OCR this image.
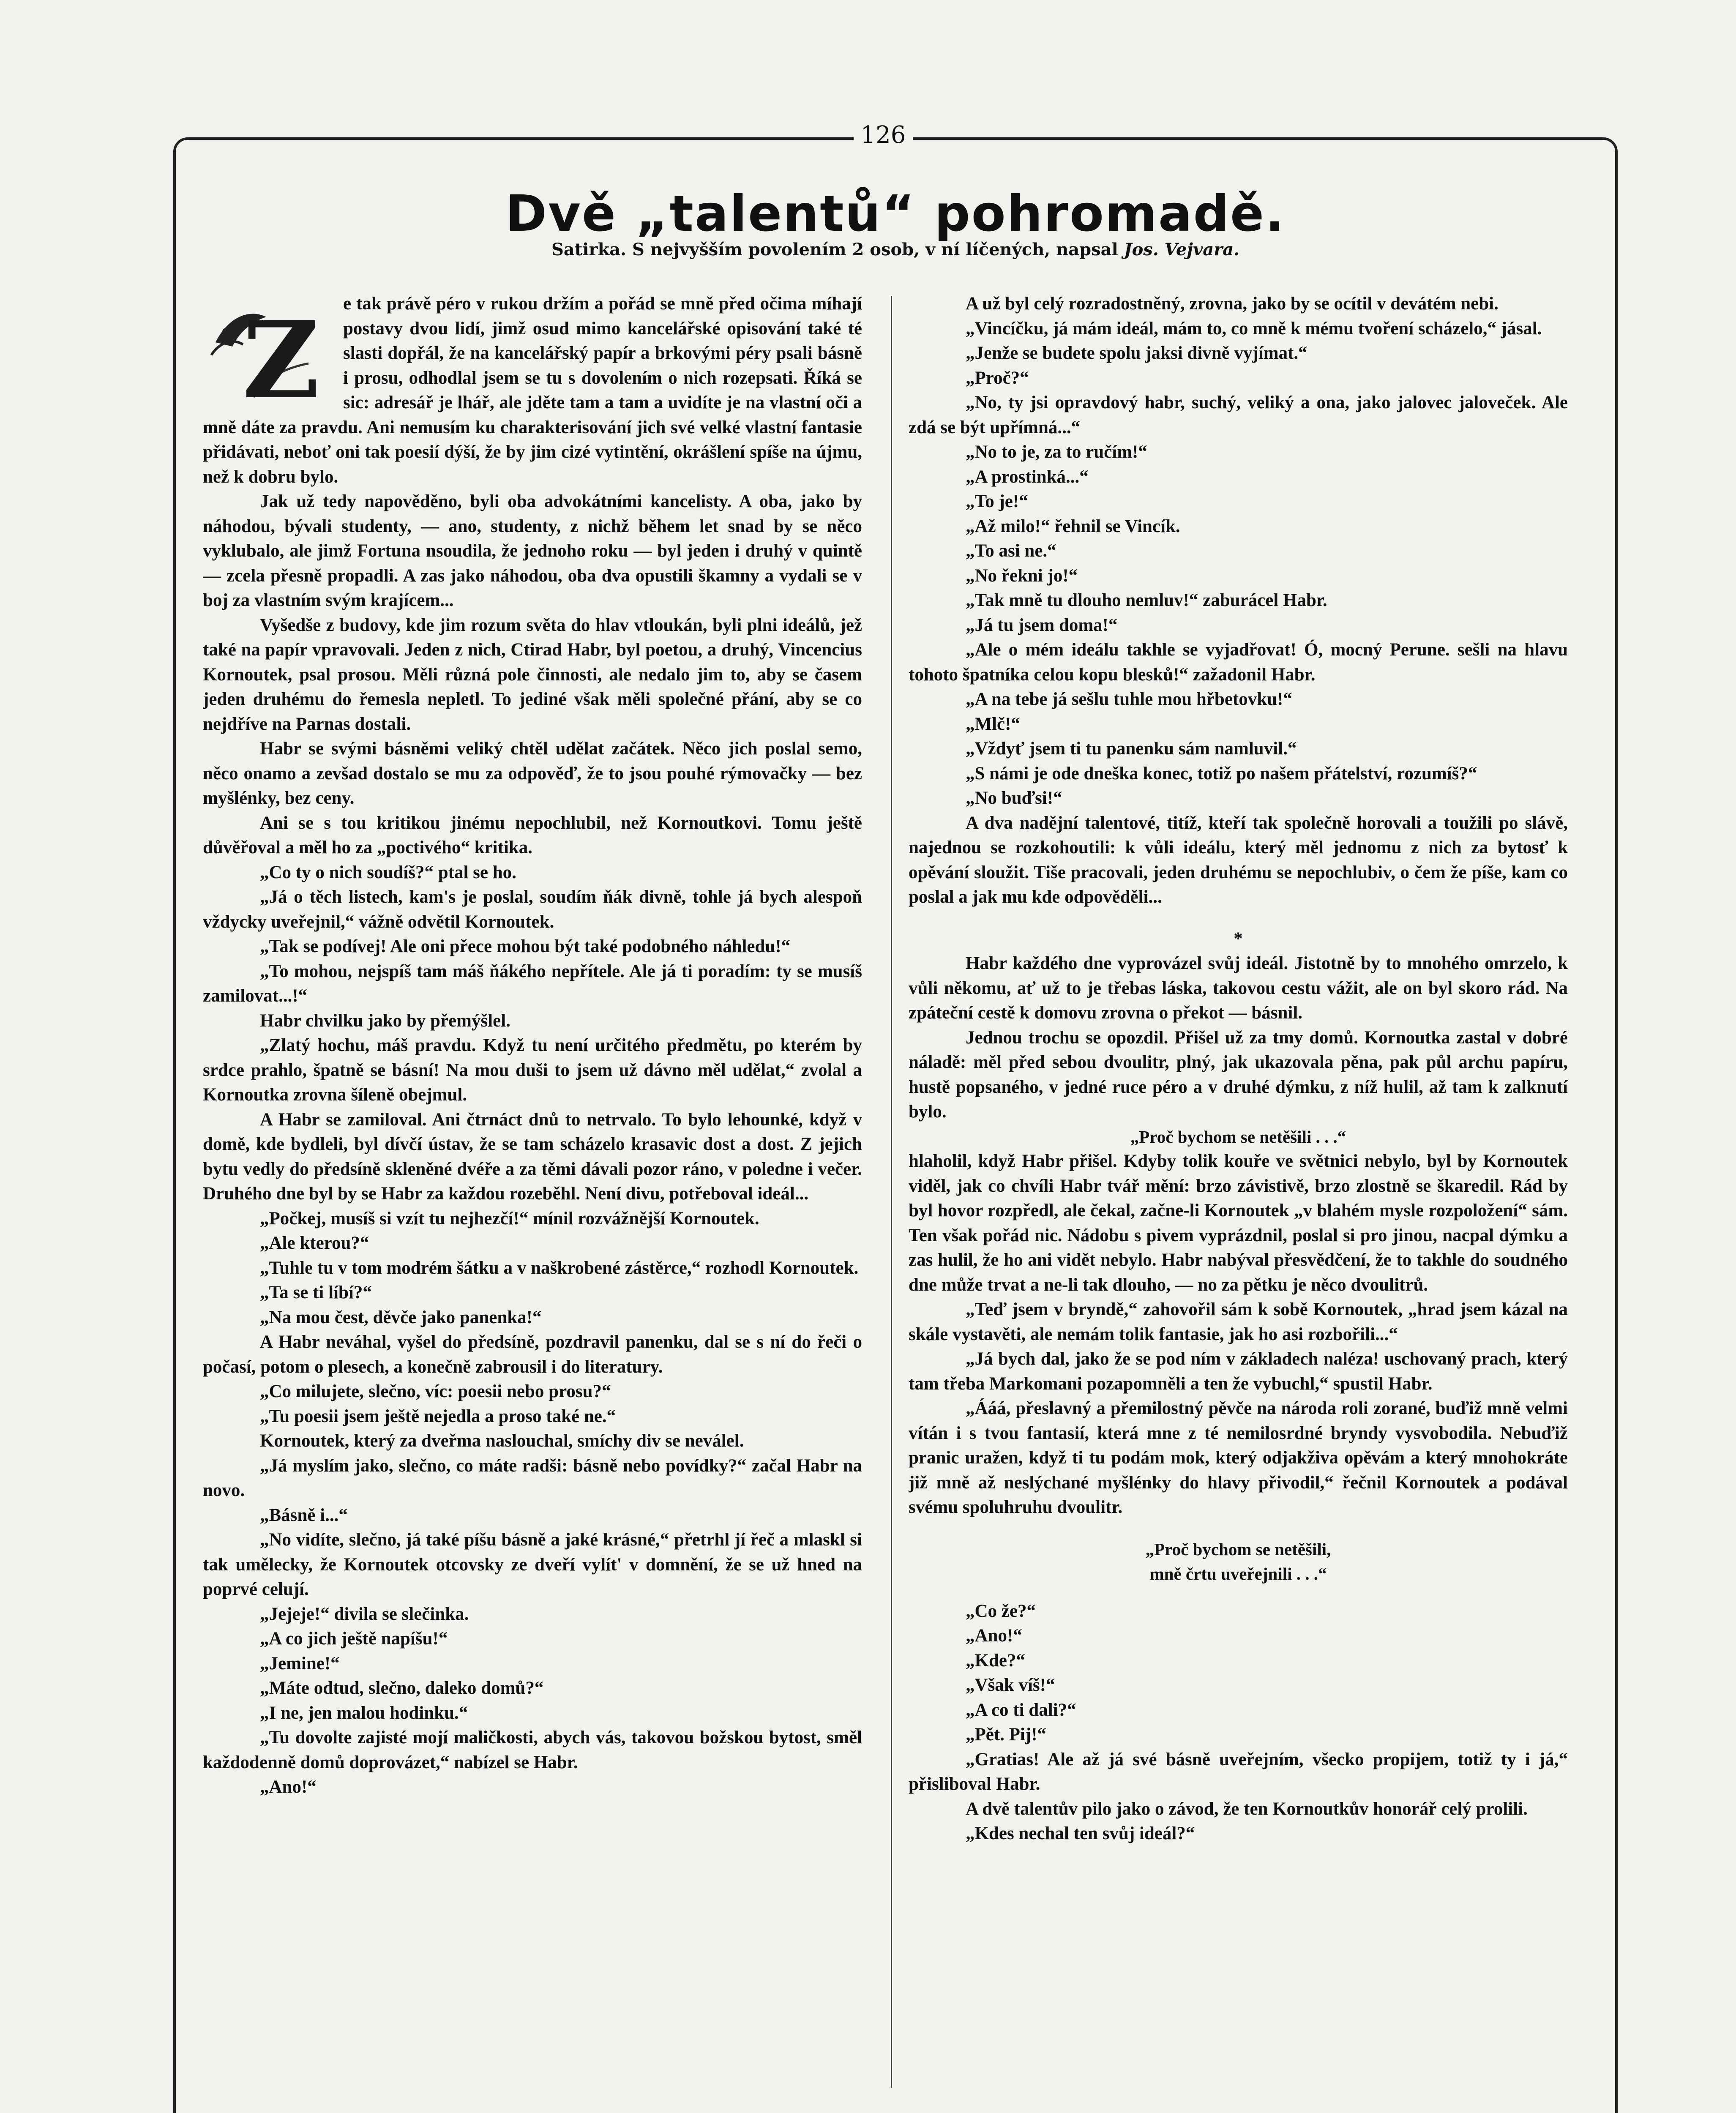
126
Dvě „talentů“ pohromadě.
Satirka. S nejvyšším povolením 2 osob, v ní líčených, napsal Jos. Vejvara.
Z	e tak právě péro v rukou držím a pořád se mně před očima míhají postavy dvou lidí, jimž osud mimo kancelářské opisování také té slasti dopřál, že na kancelářský papír a brkovými péry psali básně i prosu, odhodlal jsem se tu s dovolením o nich rozepsati. Říká se sic: adresář je lhář, ale jděte tam a tam a uvidíte je na vlastní oči a mně dáte za pravdu. Ani nemusím ku charakterisování jich své velké vlastní fantasie přidávati, neboť oni tak poesií dýší, že by jim cizé vytintění, okrášlení spíše na újmu, než k dobru bylo.

Jak už tedy napověděno, byli oba advokátními kancelisty. A oba, jako by náhodou, bývali studenty, — ano, studenty, z nichž během let snad by se něco vyklubalo, ale jimž Fortuna nsoudila, že jednoho roku — byl jeden i druhý v quintě — zcela přesně propadli. A zas jako náhodou, oba dva opustili škamny a vydali se v boj za vlastním svým krajícem...

Vyšedše z budovy, kde jim rozum světa do hlav vtloukán, byli plni ideálů, jež také na papír vpravovali. Jeden z nich, Ctirad Habr, byl poetou, a druhý, Vincencius Kornoutek, psal prosou. Měli různá pole činnosti, ale nedalo jim to, aby se časem jeden druhému do řemesla nepletl. To jediné však měli společné přání, aby se co nejdříve na Parnas dostali.

Habr se svými básněmi veliký chtěl udělat začátek. Něco jich poslal semo, něco onamo a zevšad dostalo se mu za odpověď, že to jsou pouhé rýmovačky — bez myšlénky, bez ceny.

Ani se s tou kritikou jinému nepochlubil, než Kornoutkovi. Tomu ještě důvěřoval a měl ho za „poctivého“ kritika.

„Co ty o nich soudíš?“ ptal se ho.

„Já o těch listech, kam's je poslal, soudím ňák divně, tohle já bych alespoň vždycky uveřejnil,“ vážně odvětil Kornoutek.

„Tak se podívej! Ale oni přece mohou být také podobného náhledu!“

„To mohou, nejspíš tam máš ňákého nepřítele. Ale já ti poradím: ty se musíš zamilovat...!“

Habr chvilku jako by přemýšlel.

„Zlatý hochu, máš pravdu. Když tu není určitého předmětu, po kterém by srdce prahlo, špatně se básní! Na mou duši to jsem už dávno měl udělat,“ zvolal a Kornoutka zrovna šíleně obejmul.

A Habr se zamiloval. Ani čtrnáct dnů to netrvalo. To bylo lehounké, když v domě, kde bydleli, byl dívčí ústav, že se tam scházelo krasavic dost a dost. Z jejich bytu vedly do předsíně skleněné dvéře a za těmi dávali pozor ráno, v poledne i večer. Druhého dne byl by se Habr za každou rozeběhl. Není divu, potřeboval ideál...

„Počkej, musíš si vzít tu nejhezčí!“ mínil rozvážnější Kornoutek.

„Ale kterou?“

„Tuhle tu v tom modrém šátku a v naškrobené zástěrce,“ rozhodl Kornoutek.

„Ta se ti líbí?“

„Na mou čest, děvče jako panenka!“

A Habr neváhal, vyšel do předsíně, pozdravil panenku, dal se s ní do řeči o počasí, potom o plesech, a konečně zabrousil i do literatury.

„Co milujete, slečno, víc: poesii nebo prosu?“

„Tu poesii jsem ještě nejedla a proso také ne.“

Kornoutek, který za dveřma naslouchal, smíchy div se neválel.

„Já myslím jako, slečno, co máte radši: básně nebo povídky?“ začal Habr na novo.

„Básně i...“

„No vidíte, slečno, já také píšu básně a jaké krásné,“ přetrhl jí řeč a mlaskl si tak umělecky, že Kornoutek otcovsky ze dveří vylít' v domnění, že se už hned na poprvé celují.

„Jejeje!“ divila se slečinka.

„A co jich ještě napíšu!“

„Jemine!“

„Máte odtud, slečno, daleko domů?“

„I ne, jen malou hodinku.“

„Tu dovolte zajisté mojí maličkosti, abych vás, takovou božskou bytost, směl každodenně domů doprovázet,“ nabízel se Habr.

„Ano!“

A už byl celý rozradostněný, zrovna, jako by se ocítil v devátém nebi.

„Vincíčku, já mám ideál, mám to, co mně k mému tvoření scházelo,“ jásal.

„Jenže se budete spolu jaksi divně vyjímat.“

„Proč?“

„No, ty jsi opravdový habr, suchý, veliký a ona, jako jalovec jaloveček. Ale zdá se být upřímná...“

„No to je, za to ručím!“

„A prostinká...“

„To je!“

„Až milo!“ řehnil se Vincík.

„To asi ne.“

„No řekni jo!“

„Tak mně tu dlouho nemluv!“ zaburácel Habr.

„Já tu jsem doma!“

„Ale o mém ideálu takhle se vyjadřovat! Ó, mocný Perune. sešli na hlavu tohoto špatníka celou kopu blesků!“ zažadonil Habr.

„A na tebe já sešlu tuhle mou hřbetovku!“

„Mlč!“

„Vždyť jsem ti tu panenku sám namluvil.“

„S námi je ode dneška konec, totiž po našem přátelství, rozumíš?“

„No buďsi!“

A dva nadějní talentové, titíž, kteří tak společně horovali a toužili po slávě, najednou se rozkohoutili: k vůli ideálu, který měl jednomu z nich za bytosť k opěvání sloužit. Tiše pracovali, jeden druhému se nepochlubiv, o čem že píše, kam co poslal a jak mu kde odpověděli...

*

Habr každého dne vyprovázel svůj ideál. Jistotně by to mnohého omrzelo, k vůli někomu, ať už to je třebas láska, takovou cestu vážit, ale on byl skoro rád. Na zpáteční cestě k domovu zrovna o překot — básnil.

Jednou trochu se opozdil. Přišel už za tmy domů. Kornoutka zastal v dobré náladě: měl před sebou dvoulitr, plný, jak ukazovala pěna, pak půl archu papíru, hustě popsaného, v jedné ruce péro a v druhé dýmku, z níž hulil, až tam k zalknutí bylo.

„Proč bychom se netěšili . . .“

hlaholil, když Habr přišel. Kdyby tolik kouře ve světnici nebylo, byl by Kornoutek viděl, jak co chvíli Habr tvář mění: brzo závistivě, brzo zlostně se škaredil. Rád by byl hovor rozpředl, ale čekal, začne-li Kornoutek „v blahém mysle rozpoložení“ sám. Ten však pořád nic. Nádobu s pivem vyprázdnil, poslal si pro jinou, nacpal dýmku a zas hulil, že ho ani vidět nebylo. Habr nabýval přesvědčení, že to takhle do soudného dne může trvat a ne-li tak dlouho, — no za pětku je něco dvoulitrů.

„Teď jsem v bryndě,“ zahovořil sám k sobě Kornoutek, „hrad jsem kázal na skále vystavěti, ale nemám tolik fantasie, jak ho asi rozbořili...“

„Já bych dal, jako že se pod ním v základech naléza! uschovaný prach, který tam třeba Markomani pozapomněli a ten že vybuchl,“ spustil Habr.

„Ááá, přeslavný a přemilostný pěvče na národa roli zorané, buďiž mně velmi vítán i s tvou fantasií, která mne z té nemilosrdné bryndy vysvobodila. Nebuďiž pranic uražen, když ti tu podám mok, který odjakživa opěvám a který mnohokráte již mně až neslýchané myšlénky do hlavy přivodil,“ řečnil Kornoutek a podával svému spoluhruhu dvoulitr.

„Proč bychom se netěšili,

mně črtu uveřejnili . . .“

„Co že?“

„Ano!“

„Kde?“

„Však víš!“

„A co ti dali?“

„Pět. Pij!“

„Gratias! Ale až já své básně uveřejním, všecko propijem, totiž ty i já,“ přisliboval Habr.

A dvě talentův pilo jako o závod, že ten Kornoutkův honorář celý prolili.

„Kdes nechal ten svůj ideál?“
